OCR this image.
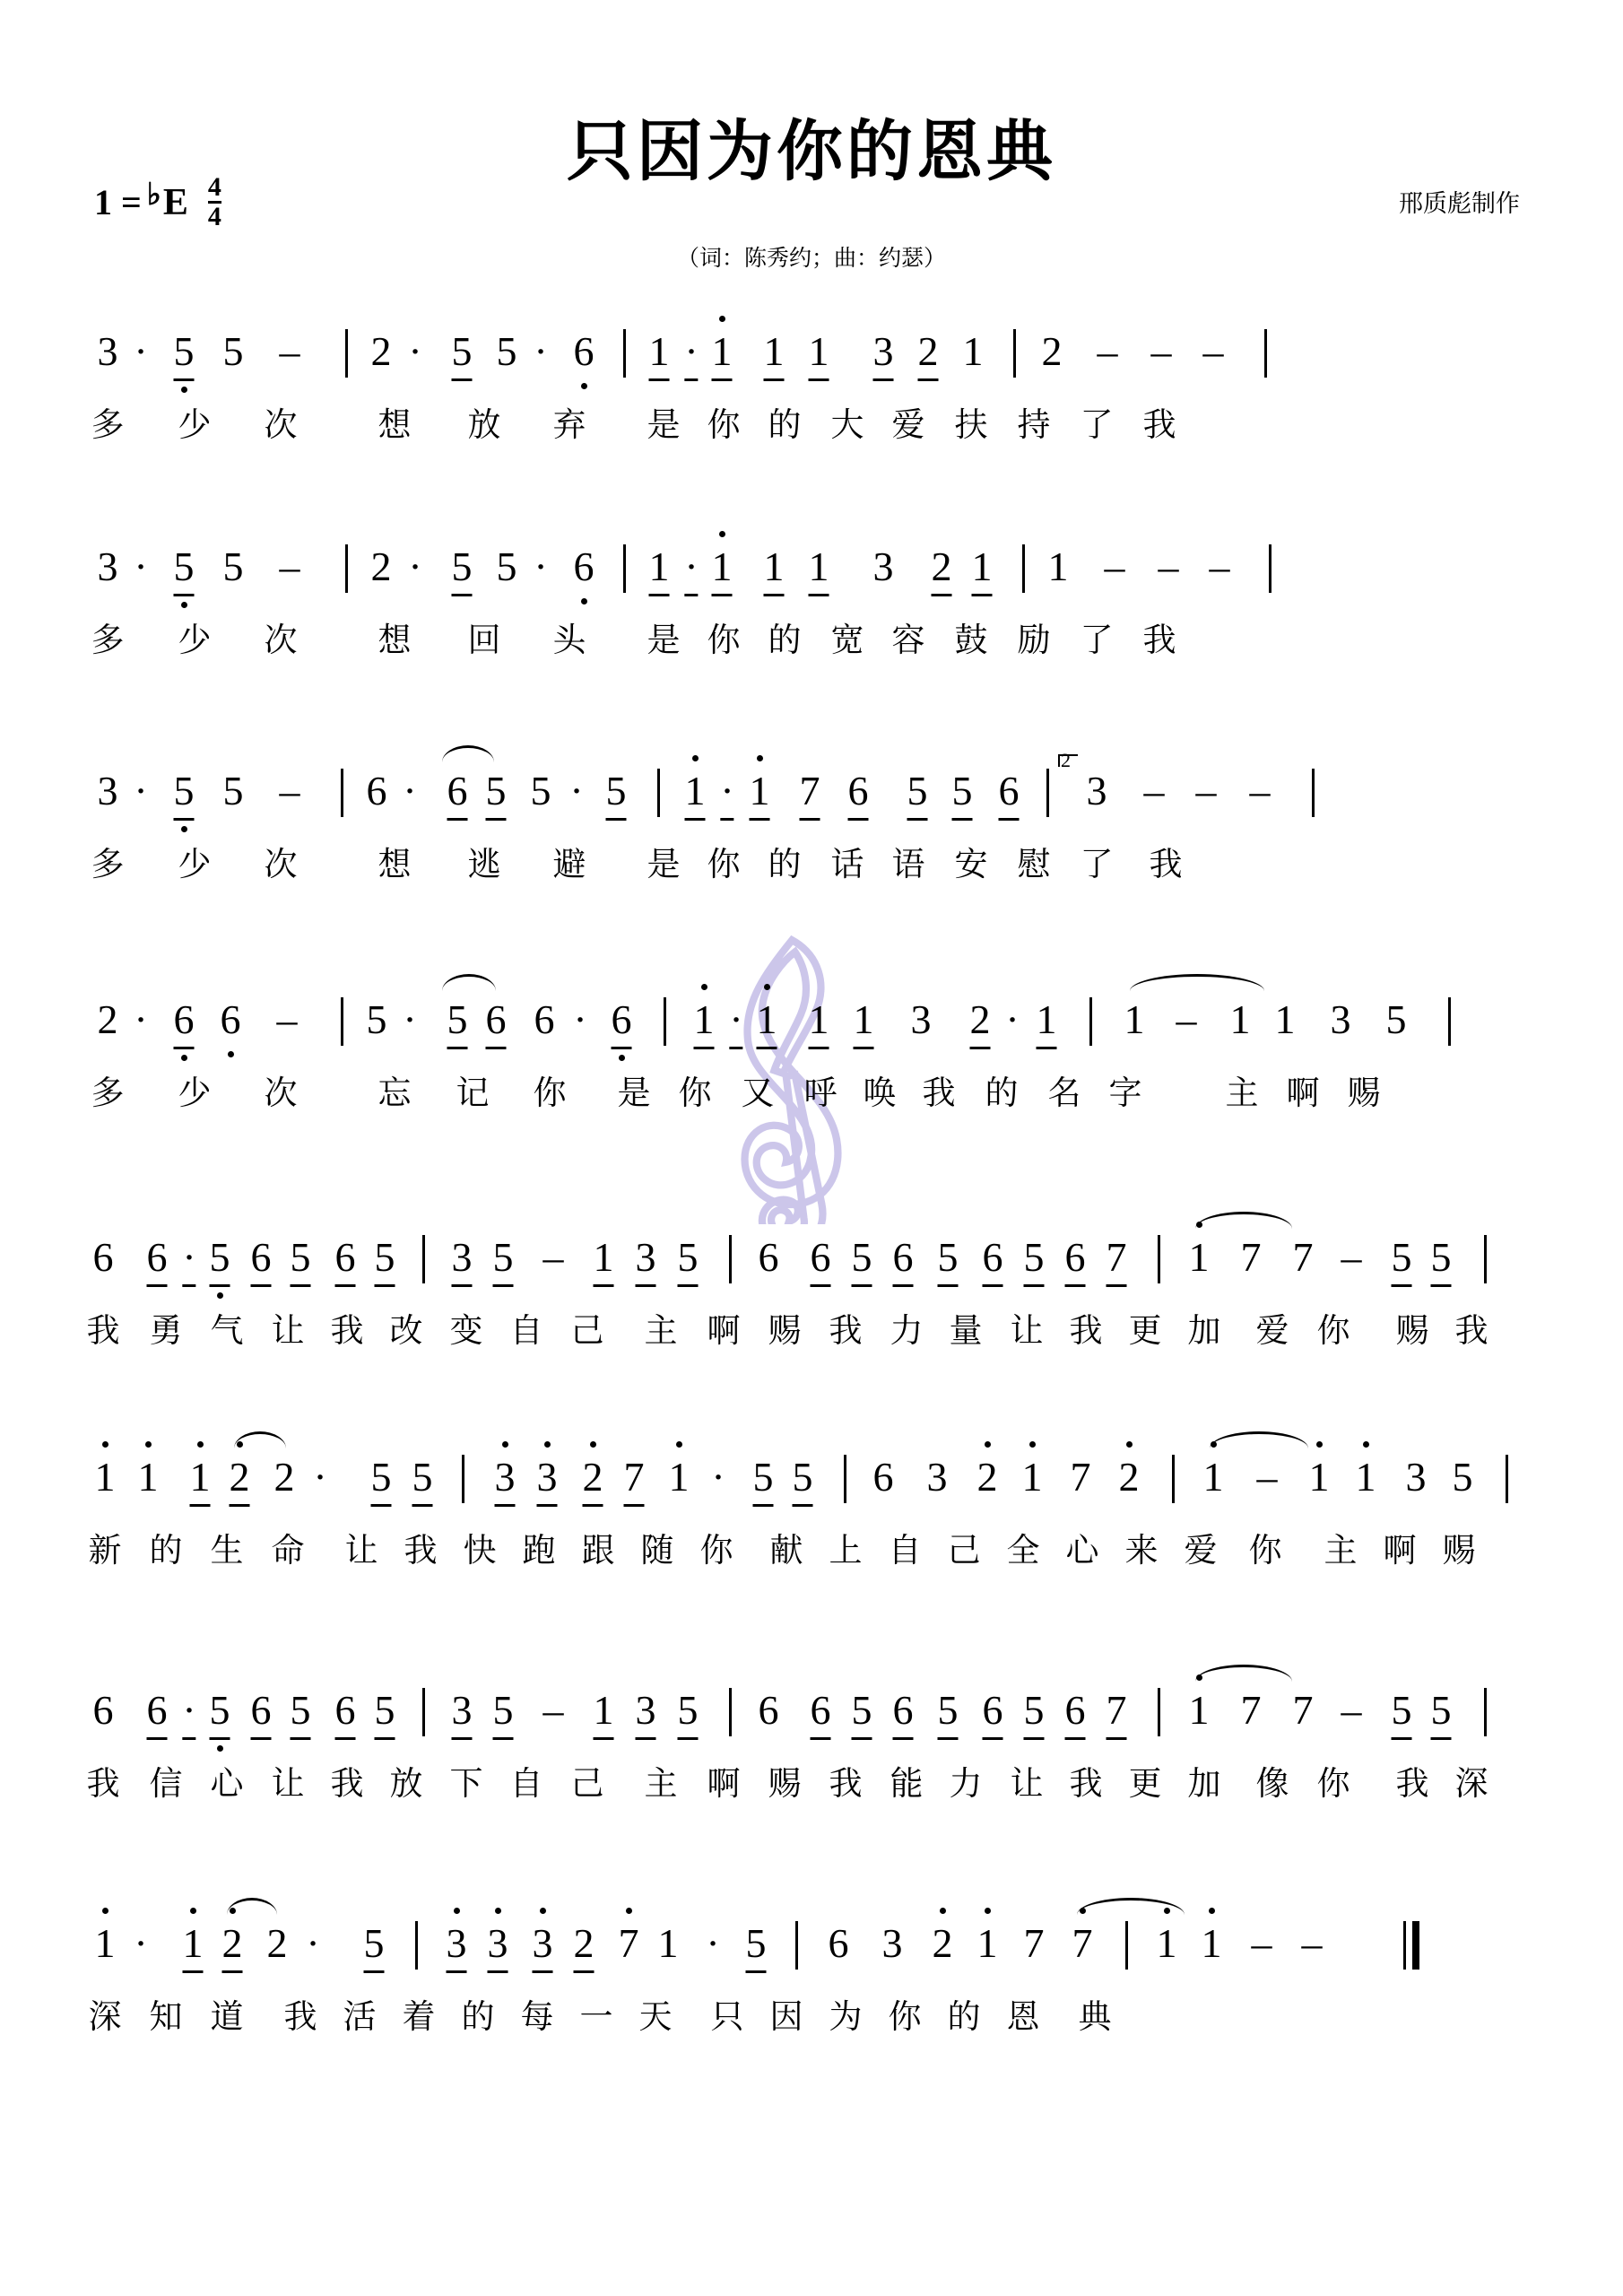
只因为你的恩典
1 = ♭ E $\frac{4}{4}$	邢质彪制作
（词：陈秀约；曲：约瑟）
3 · 5 5 – 2 · 5 5 · 6 1 · 1 1 1 3 2 1 2 – – –
多 少 次 想 放 弃 是 你 的 大 爱 扶 持 了 我
3 · 5 5 – 2 · 5 5 · 6 1 · 1 1 1 3 2 1 1 – – –
多 少 次 想 回 头 是 你 的 宽 容 鼓 励 了 我
3 · 5 5 – 6 · 6 5 5 · 5 1 · 1 7 6 5 5 6 3 – – –
2
多 少 次 想 逃 避 是 你 的 话 语 安 慰 了 我
2 · 6 6 – 5 · 5 6 6 · 6 1 · 1 1 1 3 2 · 1 1 – 1 1 3 5
多 少 次 忘 记 你 是 你 又 呼 唤 我 的 名 字	主 啊 赐
6 6 · 5 6 5 6 5 3 5 – 1 3 5 6 6 5 6 5 6 5 6 7 1 7 7 – 5 5
我 勇 气 让 我 改 变 自 己 主 啊 赐 我 力 量 让 我 更 加 爱 你 赐 我
1 1 1 2 2 · 5 5 3 3 2 7 1 · 5 5 6 3 2 1 7 2 1 – 1 1 3 5
新 的 生 命 让 我 快 跑 跟 随 你 献 上 自 己 全 心 来 爱 你 主 啊 赐
6 6 · 5 6 5 6 5 3 5 – 1 3 5 6 6 5 6 5 6 5 6 7 1 7 7 – 5 5
我 信 心 让 我 放 下 自 己 主 啊 赐 我 能 力 让 我 更 加 像 你 我 深
1 · 1 2 2 · 5 3 3 3 2 7 1 · 5 6 3 2 1 7 7 1 1 – –
深 知 道 我 活 着 的 每 一 天 只 因 为 你 的 恩 典
